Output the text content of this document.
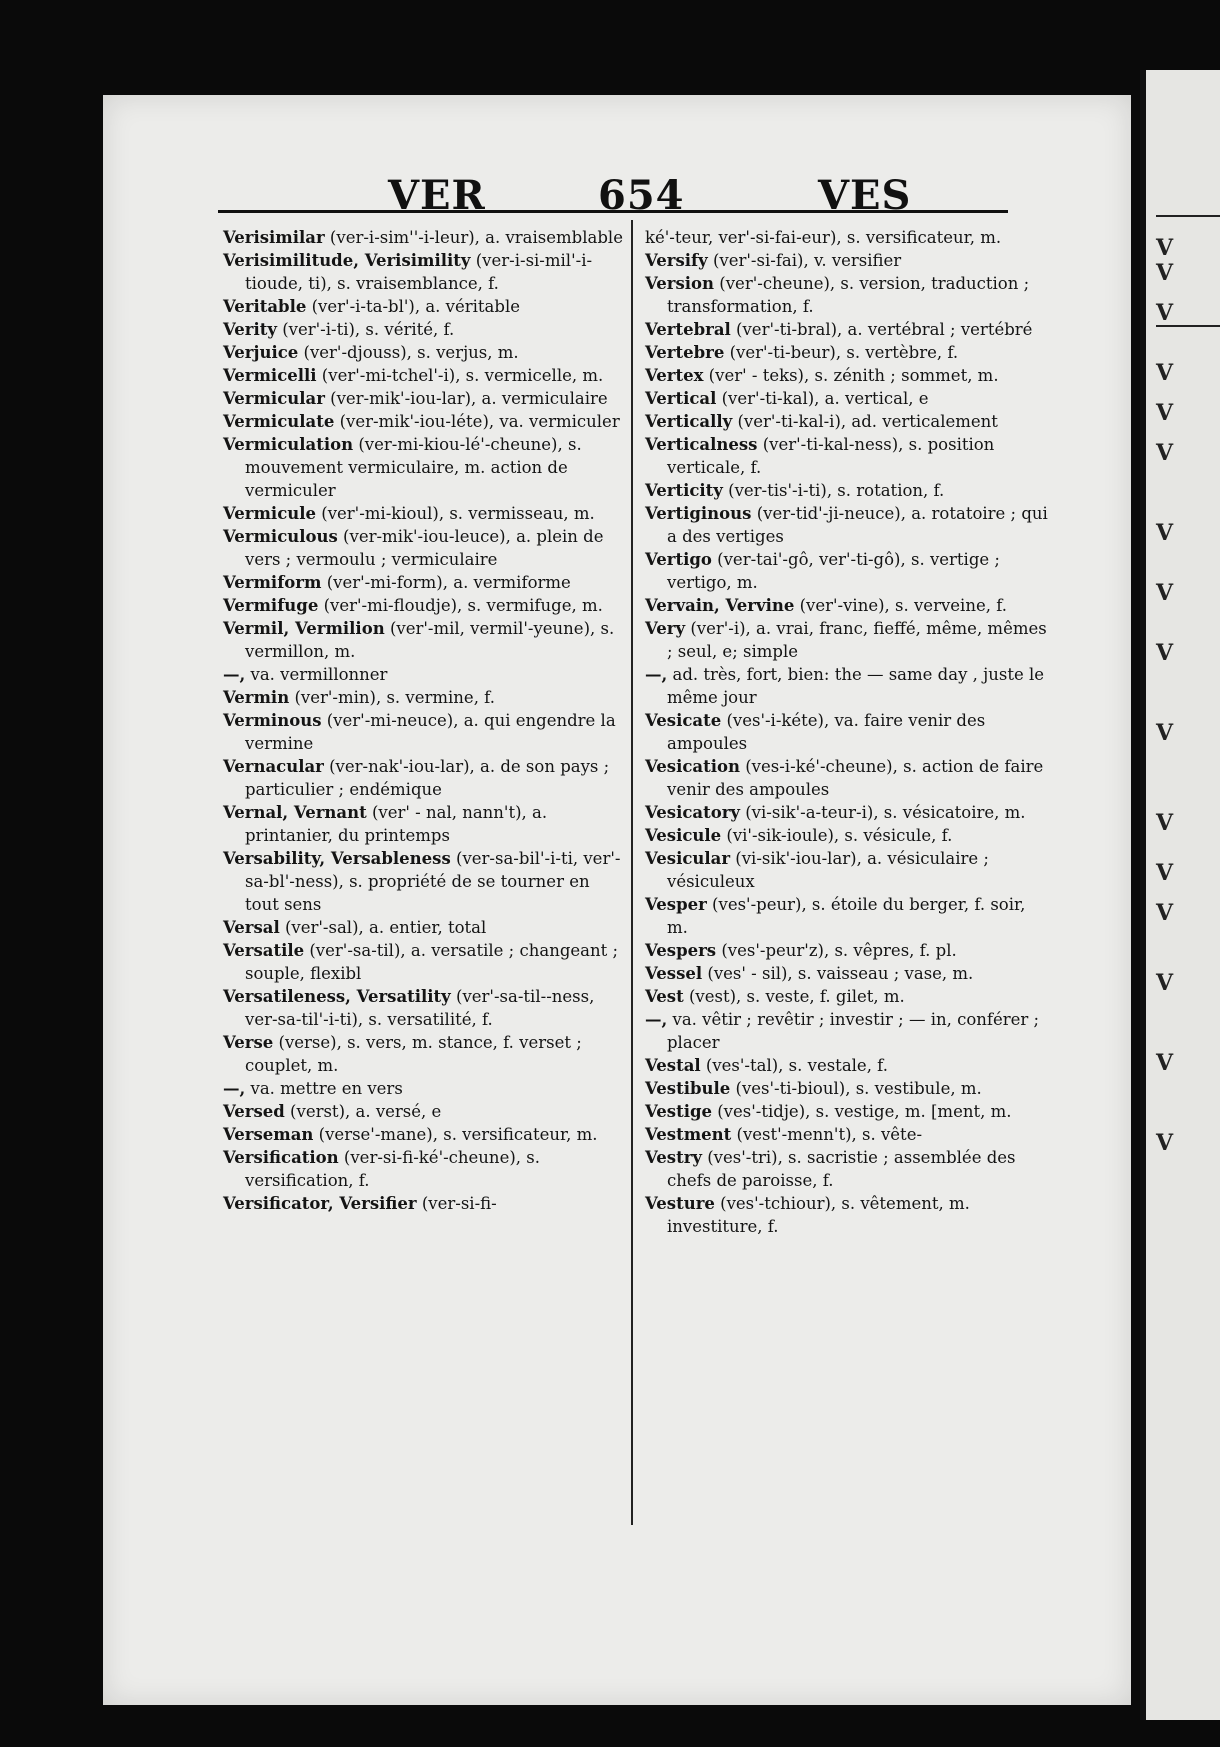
V
V
V
V
V
V
V
V
V
V
V
V
V
V
V
V
VER	654	VES
Verisimilar (ver-i-sim''-i-leur), a. vraisemblable
Verisimilitude, Verisimility (ver-i-si-mil'-i-tioude, ti), s. vraisemblance, f.
Veritable (ver'-i-ta-bl'), a. véritable
Verity (ver'-i-ti), s. vérité, f.
Verjuice (ver'-djouss), s. verjus, m.
Vermicelli (ver'-mi-tchel'-i), s. vermicelle, m.
Vermicular (ver-mik'-iou-lar), a. vermiculaire
Vermiculate (ver-mik'-iou-léte), va. vermiculer
Vermiculation (ver-mi-kiou-lé'-cheune), s. mouvement vermiculaire, m. action de vermiculer
Vermicule (ver'-mi-kioul), s. vermisseau, m.
Vermiculous (ver-mik'-iou-leuce), a. plein de vers ; vermoulu ; vermiculaire
Vermiform (ver'-mi-form), a. vermiforme
Vermifuge (ver'-mi-floudje), s. vermifuge, m.
Vermil, Vermilion (ver'-mil, vermil'-yeune), s. vermillon, m.
—, va. vermillonner
Vermin (ver'-min), s. vermine, f.
Verminous (ver'-mi-neuce), a. qui engendre la vermine
Vernacular (ver-nak'-iou-lar), a. de son pays ; particulier ; endémique
Vernal, Vernant (ver' - nal, nann't), a. printanier, du printemps
Versability, Versableness (ver-sa-bil'-i-ti, ver'-sa-bl'-ness), s. propriété de se tourner en tout sens
Versal (ver'-sal), a. entier, total
Versatile (ver'-sa-til), a. versatile ; changeant ; souple, flexibl
Versatileness, Versatility (ver'-sa-til--ness, ver-sa-til'-i-ti), s. versatilité, f.
Verse (verse), s. vers, m. stance, f. verset ; couplet, m.
—, va. mettre en vers
Versed (verst), a. versé, e
Verseman (verse'-mane), s. versificateur, m.
Versification (ver-si-fi-ké'-cheune), s. versification, f.
Versificator, Versifier (ver-si-fi-
ké'-teur, ver'-si-fai-eur), s. versificateur, m.
Versify (ver'-si-fai), v. versifier
Version (ver'-cheune), s. version, traduction ; transformation, f.
Vertebral (ver'-ti-bral), a. vertébral ; vertébré
Vertebre (ver'-ti-beur), s. vertèbre, f.
Vertex (ver' - teks), s. zénith ; sommet, m.
Vertical (ver'-ti-kal), a. vertical, e
Vertically (ver'-ti-kal-i), ad. verticalement
Verticalness (ver'-ti-kal-ness), s. position verticale, f.
Verticity (ver-tis'-i-ti), s. rotation, f.
Vertiginous (ver-tid'-ji-neuce), a. rotatoire ; qui a des vertiges
Vertigo (ver-tai'-gô, ver'-ti-gô), s. vertige ; vertigo, m.
Vervain, Vervine (ver'-vine), s. verveine, f.
Very (ver'-i), a. vrai, franc, fieffé, même, mêmes ; seul, e; simple
—, ad. très, fort, bien: the — same day , juste le même jour
Vesicate (ves'-i-kéte), va. faire venir des ampoules
Vesication (ves-i-ké'-cheune), s. action de faire venir des ampoules
Vesicatory (vi-sik'-a-teur-i), s. vésicatoire, m.
Vesicule (vi'-sik-ioule), s. vésicule, f.
Vesicular (vi-sik'-iou-lar), a. vésiculaire ; vésiculeux
Vesper (ves'-peur), s. étoile du berger, f. soir, m.
Vespers (ves'-peur'z), s. vêpres, f. pl.
Vessel (ves' - sil), s. vaisseau ; vase, m.
Vest (vest), s. veste, f. gilet, m.
—, va. vêtir ; revêtir ; investir ; — in, conférer ; placer
Vestal (ves'-tal), s. vestale, f.
Vestibule (ves'-ti-bioul), s. vestibule, m.
Vestige (ves'-tidje), s. vestige, m. [ment, m.
Vestment (vest'-menn't), s. vête-
Vestry (ves'-tri), s. sacristie ; assemblée des chefs de paroisse, f.
Vesture (ves'-tchiour), s. vêtement, m. investiture, f.
